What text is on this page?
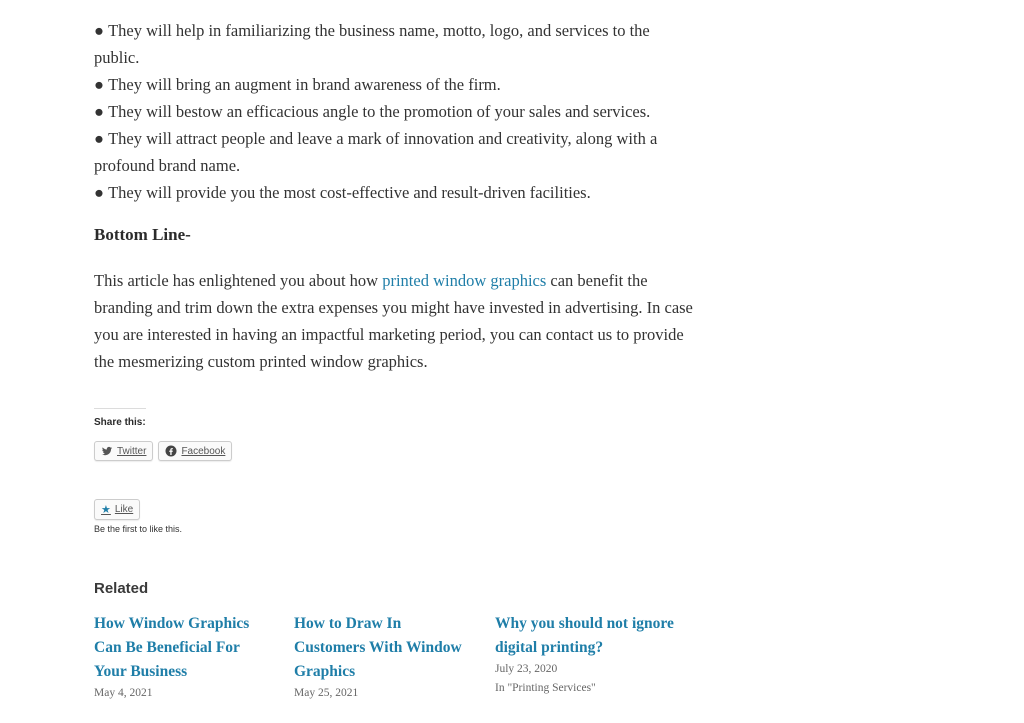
● They will help in familiarizing the business name, motto, logo, and services to the

public.

● They will bring an augment in brand awareness of the firm.

● They will bestow an efficacious angle to the promotion of your sales and services.

● They will attract people and leave a mark of innovation and creativity, along with a

profound brand name.

● They will provide you the most cost-effective and result-driven facilities.

Bottom Line-

This article has enlightened you about how printed window graphics can benefit the branding and trim down the extra expenses you might have invested in advertising. In case you are interested in having an impactful marketing period, you can contact us to provide the mesmerizing custom printed window graphics.

Share this:
Twitter	Facebook
★ Like
Be the first to like this.
Related
How Window Graphics Can Be Beneficial For Your Business
May 4, 2021
How to Draw In Customers With Window Graphics
May 25, 2021
Why you should not ignore digital printing?
July 23, 2020
In "Printing Services"
